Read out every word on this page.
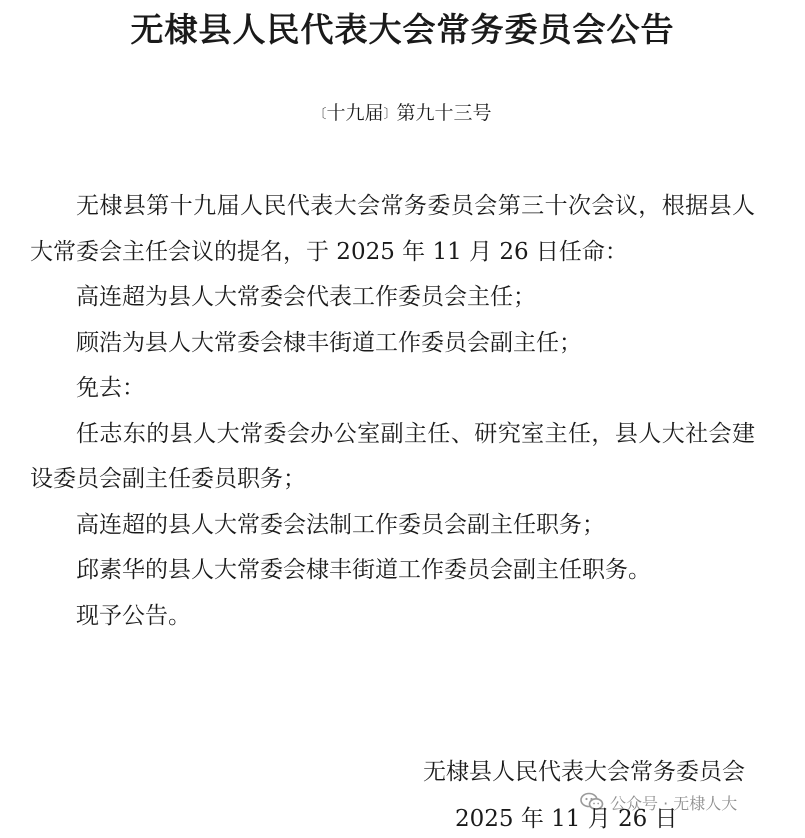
无棣县人民代表大会常务委员会公告
〔十九届〕第九十三号

无棣县第十九届人民代表大会常务委员会第三十次会议，根据县人大常委会主任会议的提名，于 2025 年 11 月 26 日任命：

高连超为县人大常委会代表工作委员会主任；

顾浩为县人大常委会棣丰街道工作委员会副主任；

免去：

任志东的县人大常委会办公室副主任、研究室主任，县人大社会建设委员会副主任委员职务；

高连超的县人大常委会法制工作委员会副主任职务；

邱素华的县人大常委会棣丰街道工作委员会副主任职务。

现予公告。

无棣县人民代表大会常务委员会
公众号 · 无棣人大
2025 年 11 月 26 日
